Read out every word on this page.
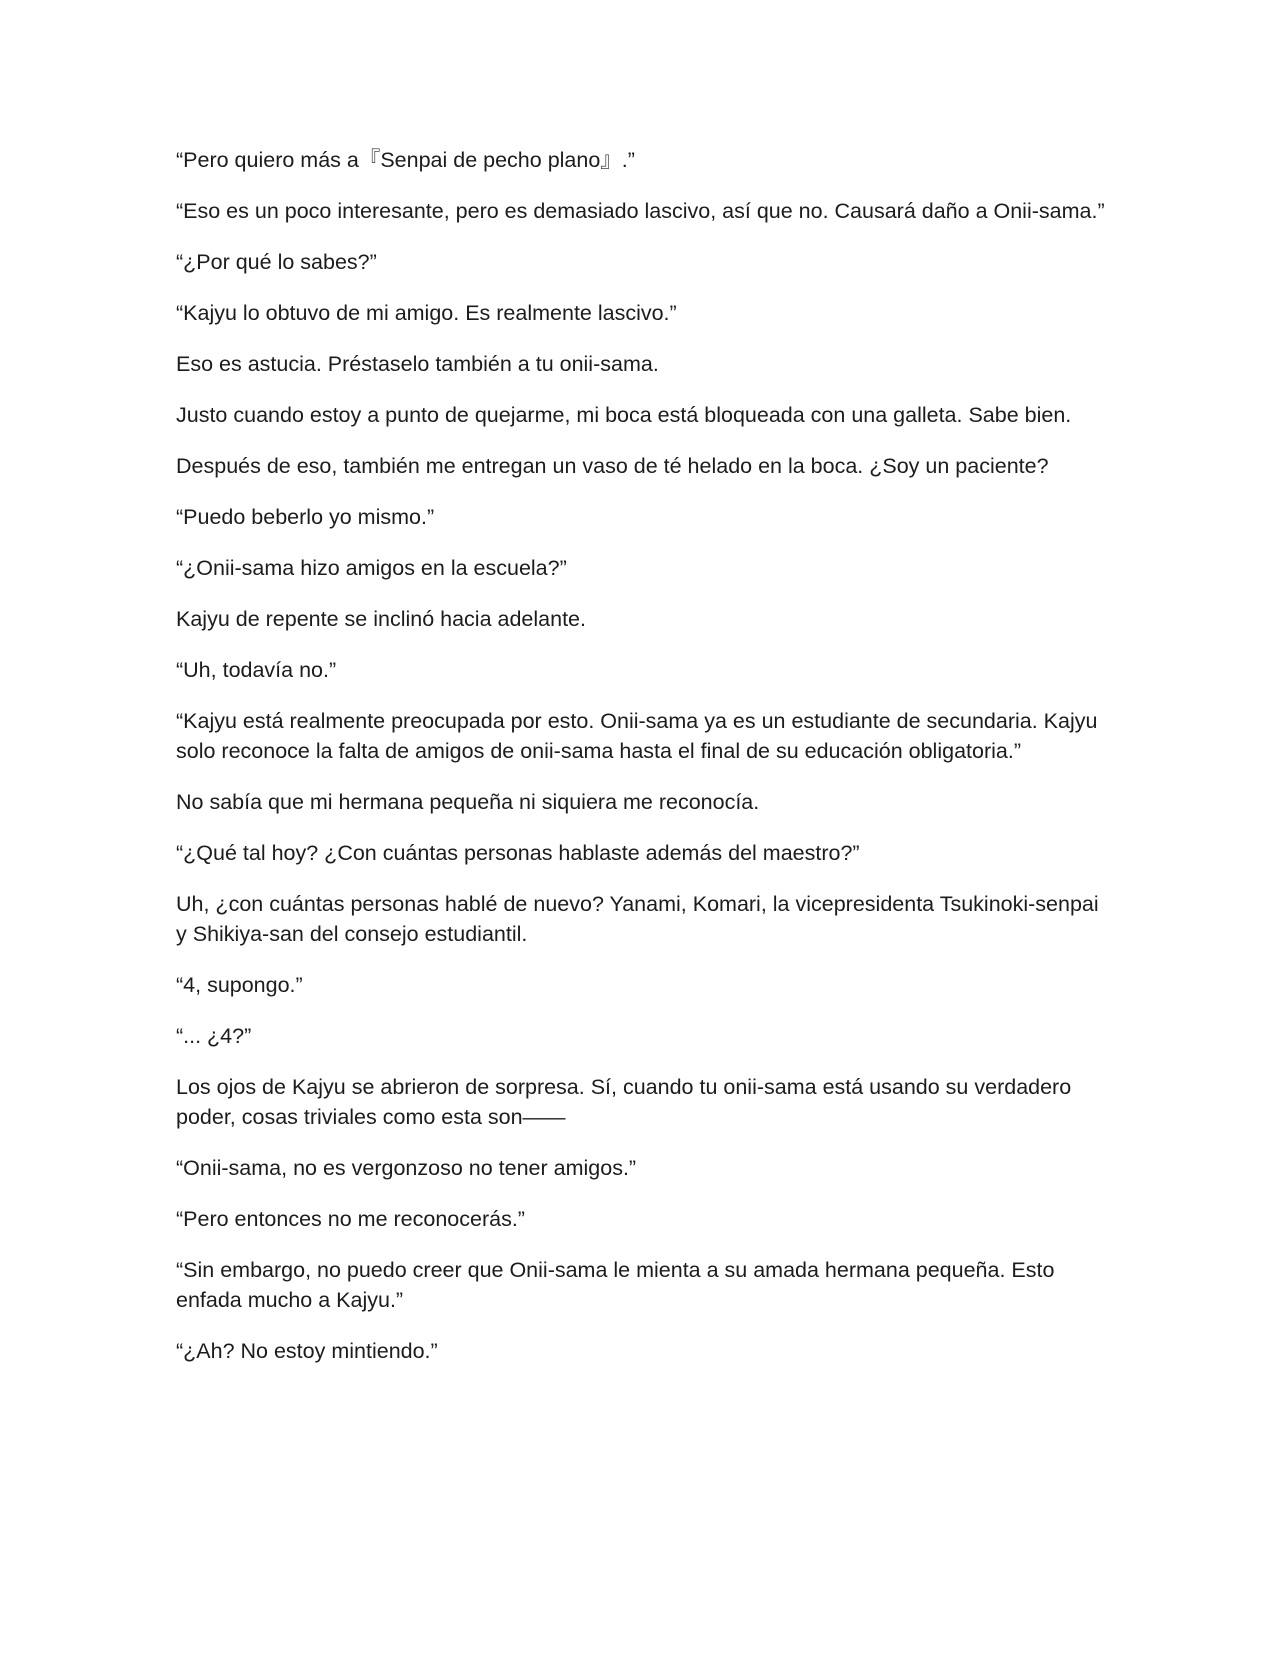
“Pero quiero más a『Senpai de pecho plano』.”

“Eso es un poco interesante, pero es demasiado lascivo, así que no. Causará daño a Onii-sama.”

“¿Por qué lo sabes?”

“Kajyu lo obtuvo de mi amigo. Es realmente lascivo.”

Eso es astucia. Préstaselo también a tu onii-sama.

Justo cuando estoy a punto de quejarme, mi boca está bloqueada con una galleta. Sabe bien.

Después de eso, también me entregan un vaso de té helado en la boca. ¿Soy un paciente?

“Puedo beberlo yo mismo.”

“¿Onii-sama hizo amigos en la escuela?”

Kajyu de repente se inclinó hacia adelante.

“Uh, todavía no.”

“Kajyu está realmente preocupada por esto. Onii-sama ya es un estudiante de secundaria. Kajyu solo reconoce la falta de amigos de onii-sama hasta el final de su educación obligatoria.”

No sabía que mi hermana pequeña ni siquiera me reconocía.

“¿Qué tal hoy? ¿Con cuántas personas hablaste además del maestro?”

Uh, ¿con cuántas personas hablé de nuevo? Yanami, Komari, la vicepresidenta Tsukinoki-senpai y Shikiya-san del consejo estudiantil.

“4, supongo.”

“... ¿4?”

Los ojos de Kajyu se abrieron de sorpresa. Sí, cuando tu onii-sama está usando su verdadero poder, cosas triviales como esta son——

“Onii-sama, no es vergonzoso no tener amigos.”

“Pero entonces no me reconocerás.”

“Sin embargo, no puedo creer que Onii-sama le mienta a su amada hermana pequeña. Esto enfada mucho a Kajyu.”

“¿Ah? No estoy mintiendo.”
